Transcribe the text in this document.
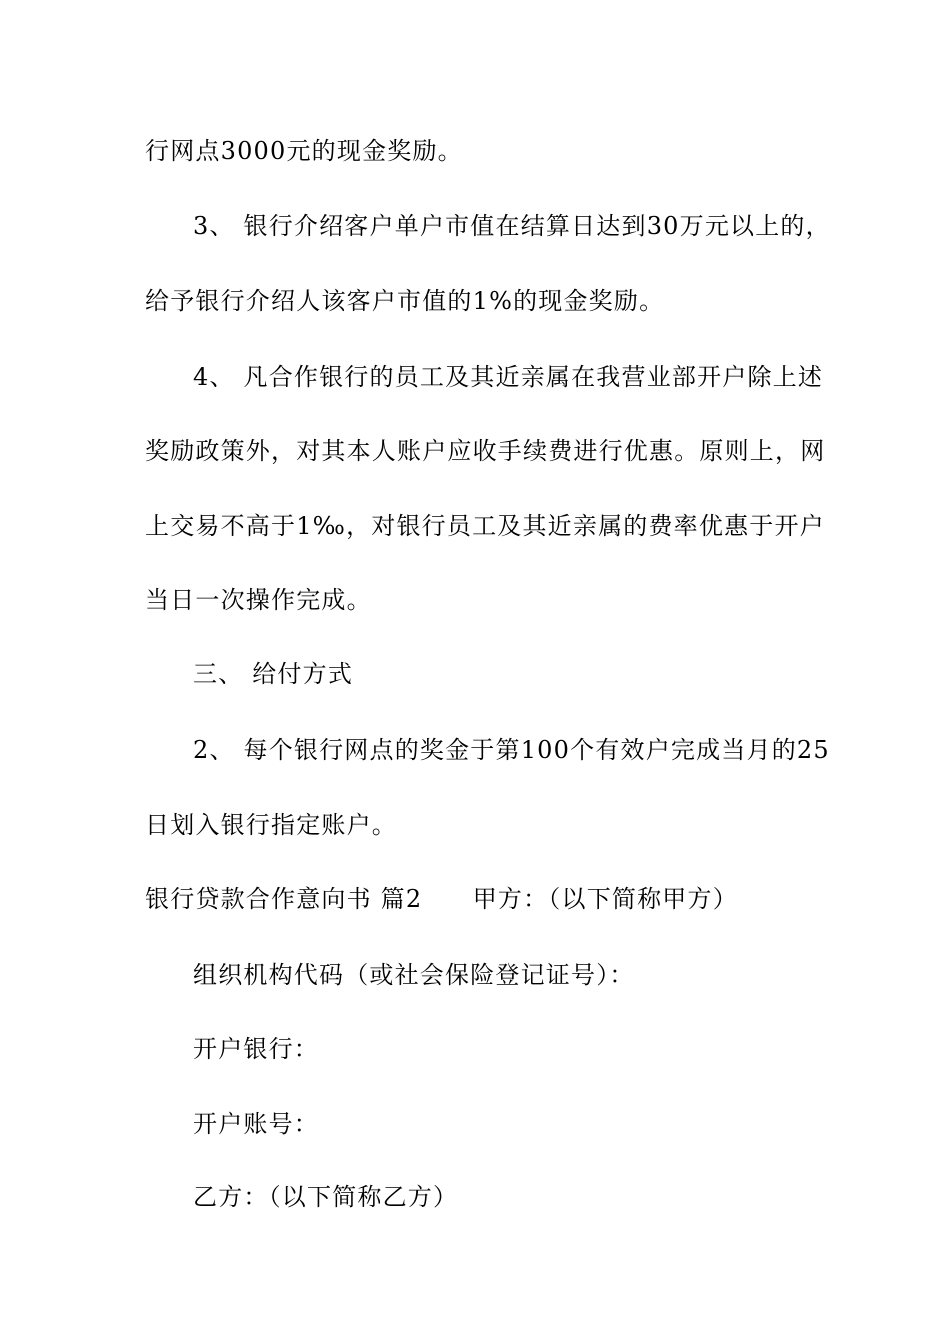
行网点3000元的现金奖励。
3、 银行介绍客户单户市值在结算日达到30万元以上的，
给予银行介绍人该客户市值的1%的现金奖励。
4、 凡合作银行的员工及其近亲属在我营业部开户除上述
奖励政策外，对其本人账户应收手续费进行优惠。原则上，网
上交易不高于1‰，对银行员工及其近亲属的费率优惠于开户
当日一次操作完成。
三、 给付方式
2、 每个银行网点的奖金于第100个有效户完成当月的25
日划入银行指定账户。
银行贷款合作意向书 篇2　　甲方：（以下简称甲方）
组织机构代码（或社会保险登记证号）：
开户银行：
开户账号：
乙方：（以下简称乙方）
